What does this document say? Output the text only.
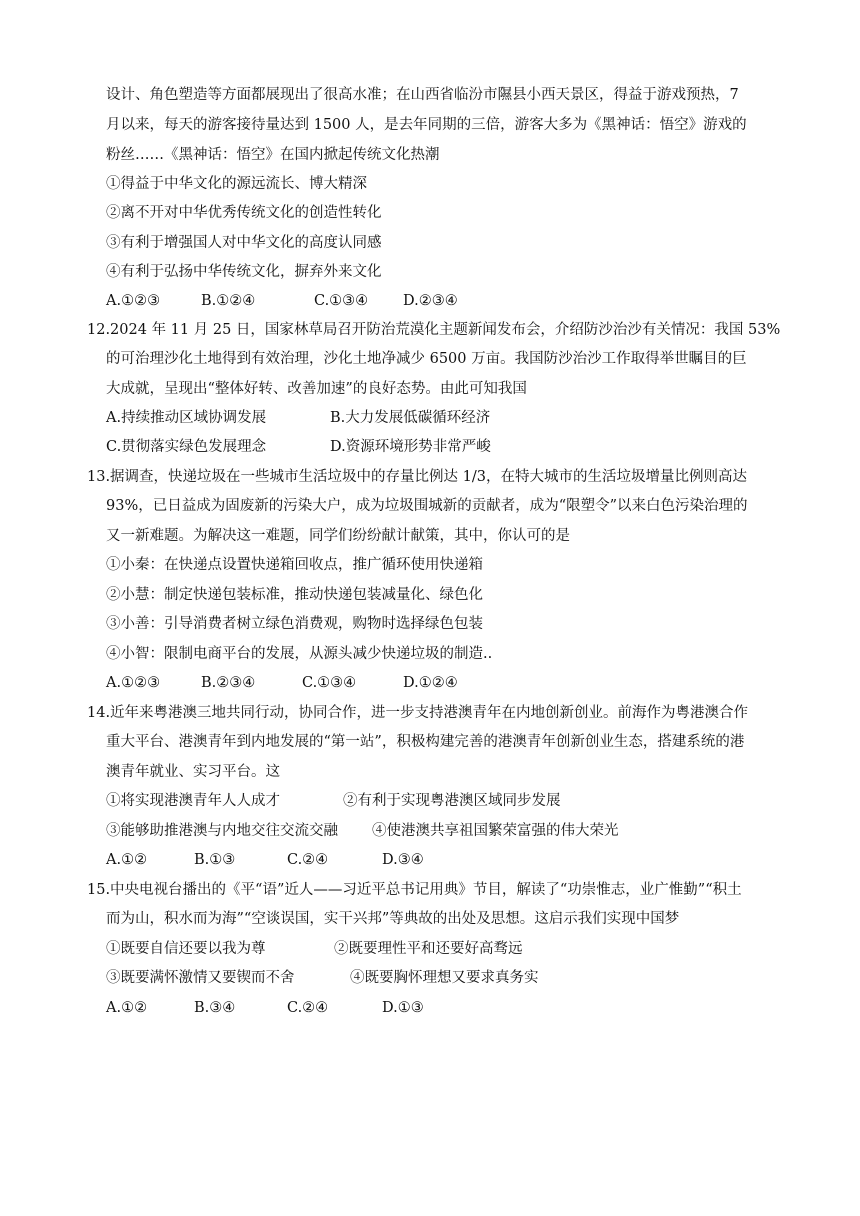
设计、角色塑造等方面都展现出了很高水准；在山西省临汾市隰县小西天景区，得益于游戏预热，7
月以来，每天的游客接待量达到 1500 人，是去年同期的三倍，游客大多为《黑神话：悟空》游戏的
粉丝……《黑神话：悟空》在国内掀起传统文化热潮
①得益于中华文化的源远流长、博大精深
②离不开对中华优秀传统文化的创造性转化
③有利于增强国人对中华文化的高度认同感
④有利于弘扬中华传统文化，摒弃外来文化
A.①②③	B.①②④	C.①③④ D.②③④
12.2024 年 11 月 25 日，国家林草局召开防治荒漠化主题新闻发布会，介绍防沙治沙有关情况：我国 53%
的可治理沙化土地得到有效治理，沙化土地净减少 6500 万亩。我国防沙治沙工作取得举世瞩目的巨
大成就，呈现出“整体好转、改善加速”的良好态势。由此可知我国
A.持续推动区域协调发展	B.大力发展低碳循环经济
C.贯彻落实绿色发展理念	D.资源环境形势非常严峻
13.据调查，快递垃圾在一些城市生活垃圾中的存量比例达 1/3，在特大城市的生活垃圾增量比例则高达
93%，已日益成为固废新的污染大户，成为垃圾围城新的贡献者，成为“限塑令”以来白色污染治理的
又一新难题。为解决这一难题，同学们纷纷献计献策，其中，你认可的是
①小秦：在快递点设置快递箱回收点，推广循环使用快递箱
②小慧：制定快递包装标准，推动快递包装减量化、绿色化
③小善：引导消费者树立绿色消费观，购物时选择绿色包装
④小智：限制电商平台的发展，从源头减少快递垃圾的制造..
A.①②③	B.②③④	C.①③④	D.①②④
14.近年来粤港澳三地共同行动，协同合作，进一步支持港澳青年在内地创新创业。前海作为粤港澳合作
重大平台、港澳青年到内地发展的“第一站”，积极构建完善的港澳青年创新创业生态，搭建系统的港
澳青年就业、实习平台。这
①将实现港澳青年人人成才	②有利于实现粤港澳区域同步发展
③能够助推港澳与内地交往交流交融 ④使港澳共享祖国繁荣富强的伟大荣光
A.①②	B.①③	C.②④	D.③④
15.中央电视台播出的《平“语”近人——习近平总书记用典》节目，解读了“功崇惟志，业广惟勤”“积土
而为山，积水而为海”“空谈误国，实干兴邦”等典故的出处及思想。这启示我们实现中国梦
①既要自信还要以我为尊	②既要理性平和还要好高骛远
③既要满怀激情又要锲而不舍	④既要胸怀理想又要求真务实
A.①②	B.③④	C.②④	D.①③
